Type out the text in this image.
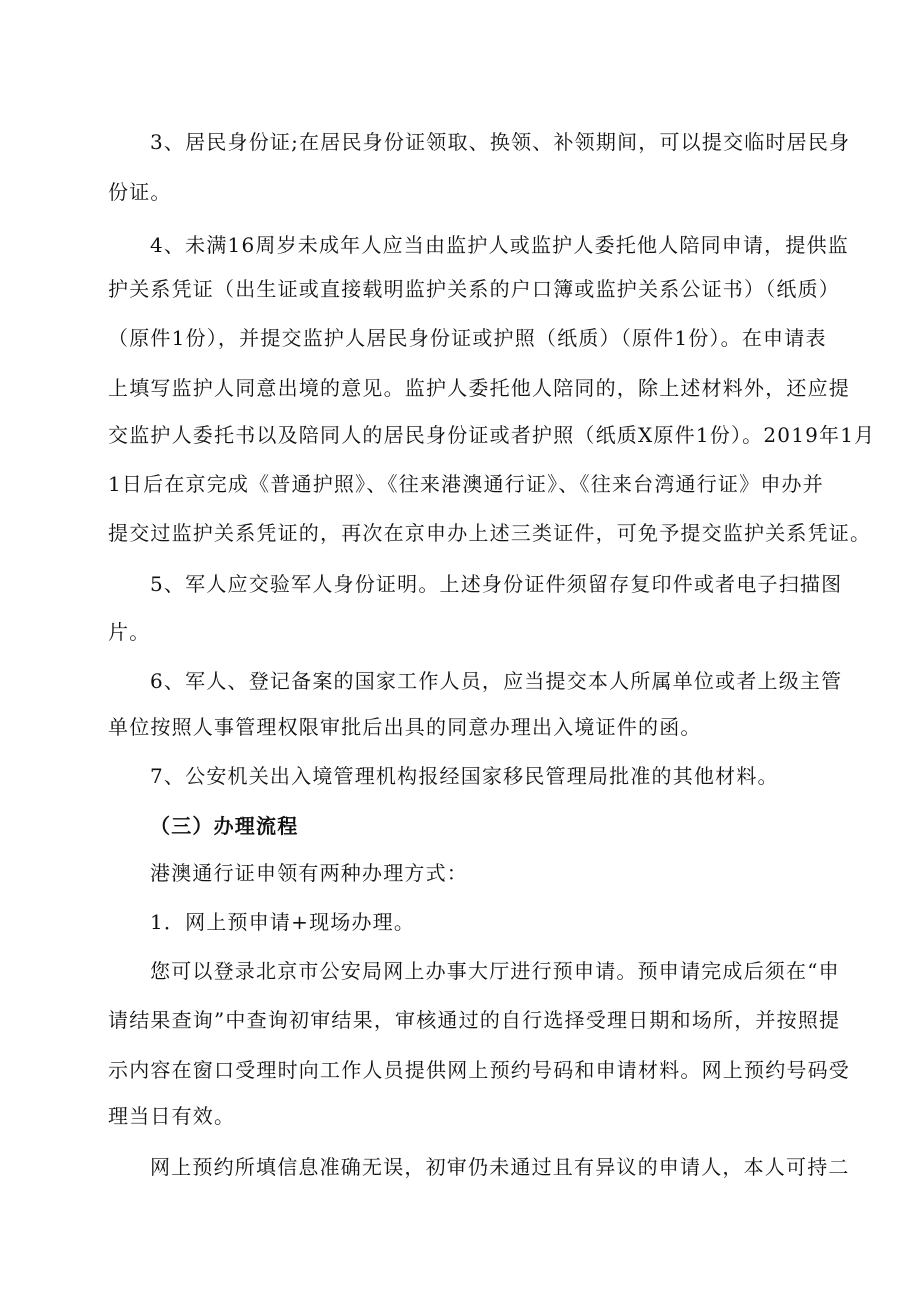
3、居民身份证;在居民身份证领取、换领、补领期间，可以提交临时居民身
份证。
4、未满16周岁未成年人应当由监护人或监护人委托他人陪同申请，提供监
护关系凭证（出生证或直接载明监护关系的户口簿或监护关系公证书）（纸质）
（原件1份），并提交监护人居民身份证或护照（纸质）（原件1份）。在申请表
上填写监护人同意出境的意见。监护人委托他人陪同的，除上述材料外，还应提
交监护人委托书以及陪同人的居民身份证或者护照（纸质X原件1份）。2019年1月
1日后在京完成《普通护照》、《往来港澳通行证》、《往来台湾通行证》申办并
提交过监护关系凭证的，再次在京申办上述三类证件，可免予提交监护关系凭证。
5、军人应交验军人身份证明。上述身份证件须留存复印件或者电子扫描图
片。
6、军人、登记备案的国家工作人员，应当提交本人所属单位或者上级主管
单位按照人事管理权限审批后出具的同意办理出入境证件的函。
7、公安机关出入境管理机构报经国家移民管理局批准的其他材料。
（三）办理流程
港澳通行证申领有两种办理方式：
1．网上预申请+现场办理。
您可以登录北京市公安局网上办事大厅进行预申请。预申请完成后须在“申
请结果查询”中查询初审结果，审核通过的自行选择受理日期和场所，并按照提
示内容在窗口受理时向工作人员提供网上预约号码和申请材料。网上预约号码受
理当日有效。
网上预约所填信息准确无误，初审仍未通过且有异议的申请人，本人可持二
